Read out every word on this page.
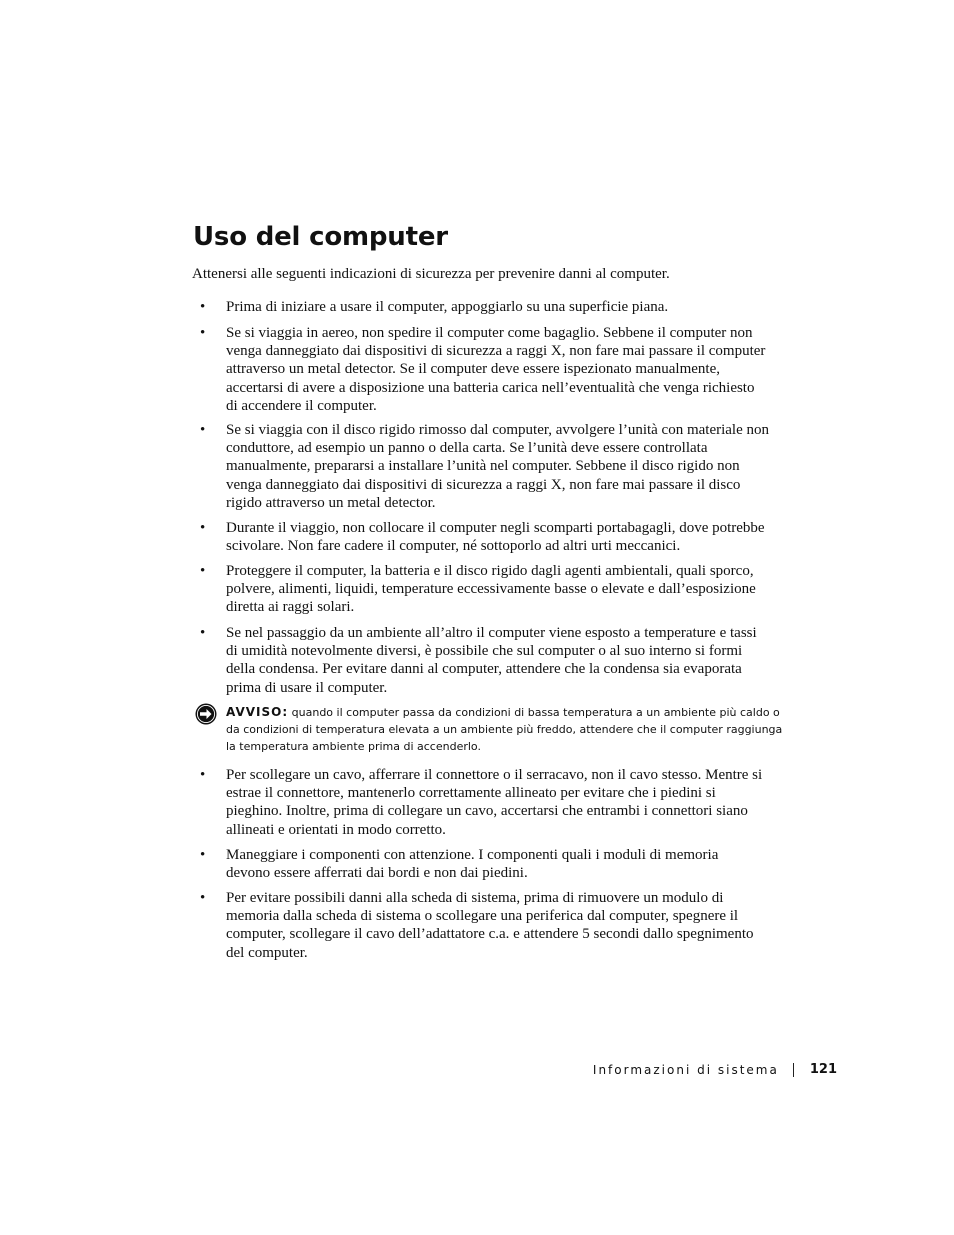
Uso del computer

Attenersi alle seguenti indicazioni di sicurezza per prevenire danni al computer.

• Prima di iniziare a usare il computer, appoggiarlo su una superficie piana.
• Se si viaggia in aereo, non spedire il computer come bagaglio. Sebbene il computer non
venga danneggiato dai dispositivi di sicurezza a raggi X, non fare mai passare il computer
attraverso un metal detector. Se il computer deve essere ispezionato manualmente,
accertarsi di avere a disposizione una batteria carica nell’eventualità che venga richiesto
di accendere il computer.
• Se si viaggia con il disco rigido rimosso dal computer, avvolgere l’unità con materiale non
conduttore, ad esempio un panno o della carta. Se l’unità deve essere controllata
manualmente, prepararsi a installare l’unità nel computer. Sebbene il disco rigido non
venga danneggiato dai dispositivi di sicurezza a raggi X, non fare mai passare il disco
rigido attraverso un metal detector.
• Durante il viaggio, non collocare il computer negli scomparti portabagagli, dove potrebbe
scivolare. Non fare cadere il computer, né sottoporlo ad altri urti meccanici.
• Proteggere il computer, la batteria e il disco rigido dagli agenti ambientali, quali sporco,
polvere, alimenti, liquidi, temperature eccessivamente basse o elevate e dall’esposizione
diretta ai raggi solari.
• Se nel passaggio da un ambiente all’altro il computer viene esposto a temperature e tassi
di umidità notevolmente diversi, è possibile che sul computer o al suo interno si formi
della condensa. Per evitare danni al computer, attendere che la condensa sia evaporata
prima di usare il computer.
AVVISO: quando il computer passa da condizioni di bassa temperatura a un ambiente più caldo o
da condizioni di temperatura elevata a un ambiente più freddo, attendere che il computer raggiunga
la temperatura ambiente prima di accenderlo.
• Per scollegare un cavo, afferrare il connettore o il serracavo, non il cavo stesso. Mentre si
estrae il connettore, mantenerlo correttamente allineato per evitare che i piedini si
pieghino. Inoltre, prima di collegare un cavo, accertarsi che entrambi i connettori siano
allineati e orientati in modo corretto.
• Maneggiare i componenti con attenzione. I componenti quali i moduli di memoria
devono essere afferrati dai bordi e non dai piedini.
• Per evitare possibili danni alla scheda di sistema, prima di rimuovere un modulo di
memoria dalla scheda di sistema o scollegare una periferica dal computer, spegnere il
computer, scollegare il cavo dell’adattatore c.a. e attendere 5 secondi dallo spegnimento
del computer.
Informazioni di sistema 121
